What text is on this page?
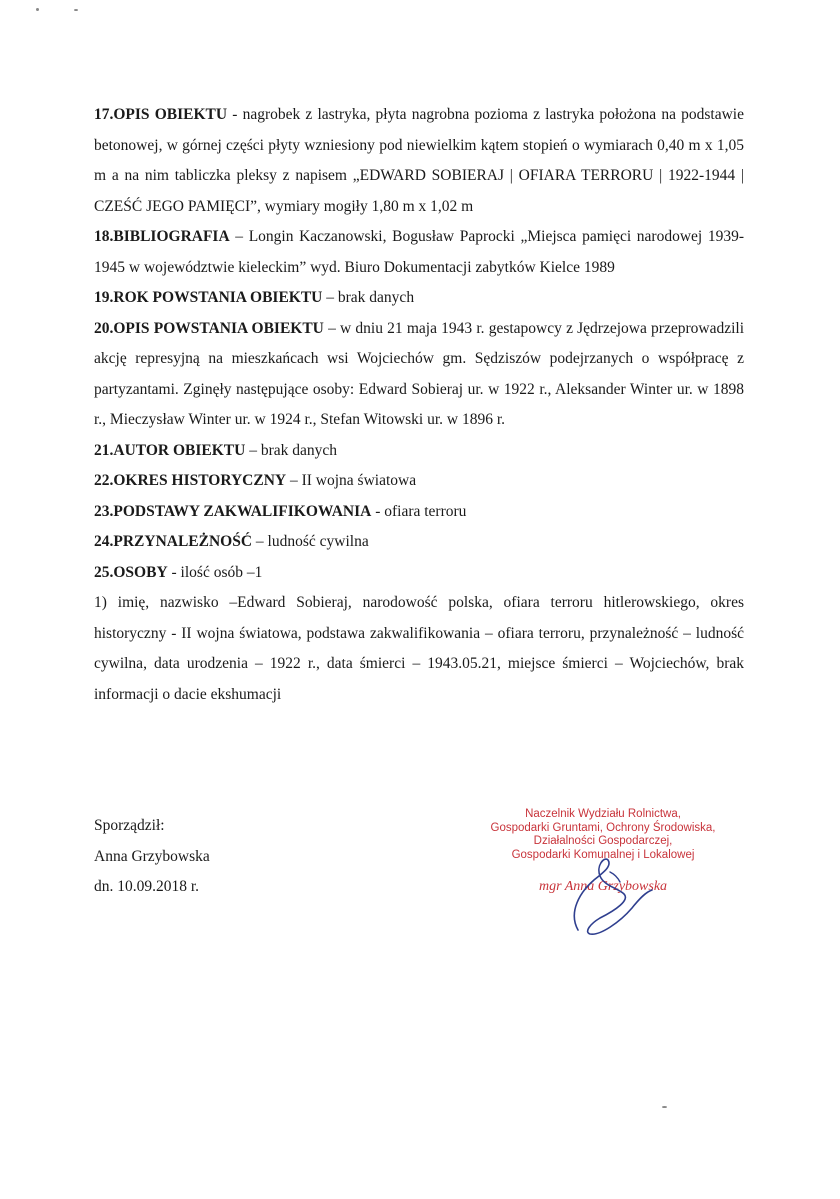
17.OPIS OBIEKTU - nagrobek z lastryka, płyta nagrobna pozioma z lastryka położona na podstawie betonowej, w górnej części płyty wzniesiony pod niewielkim kątem stopień o wymiarach 0,40 m x 1,05 m a na nim tabliczka pleksy z napisem „EDWARD SOBIERAJ | OFIARA TERRORU | 1922-1944 | CZEŚĆ JEGO PAMIĘCI”, wymiary mogiły 1,80 m x 1,02 m

18.BIBLIOGRAFIA – Longin Kaczanowski, Bogusław Paprocki „Miejsca pamięci narodowej 1939-1945 w województwie kieleckim” wyd. Biuro Dokumentacji zabytków Kielce 1989

19.ROK POWSTANIA OBIEKTU – brak danych

20.OPIS POWSTANIA OBIEKTU – w dniu 21 maja 1943 r. gestapowcy z Jędrzejowa przeprowadzili akcję represyjną na mieszkańcach wsi Wojciechów gm. Sędziszów podejrzanych o współpracę z partyzantami. Zginęły następujące osoby: Edward Sobieraj ur. w 1922 r., Aleksander Winter ur. w 1898 r., Mieczysław Winter ur. w 1924 r., Stefan Witowski ur. w 1896 r.

21.AUTOR OBIEKTU – brak danych

22.OKRES HISTORYCZNY – II wojna światowa

23.PODSTAWY ZAKWALIFIKOWANIA - ofiara terroru

24.PRZYNALEŻNOŚĆ – ludność cywilna

25.OSOBY - ilość osób –1

1) imię, nazwisko –Edward Sobieraj, narodowość polska, ofiara terroru hitlerowskiego, okres historyczny - II wojna światowa, podstawa zakwalifikowania – ofiara terroru, przynależność – ludność cywilna, data urodzenia – 1922 r., data śmierci – 1943.05.21, miejsce śmierci – Wojciechów, brak informacji o dacie ekshumacji

Sporządził:
Anna Grzybowska
dn. 10.09.2018 r.
Naczelnik Wydziału Rolnictwa,
Gospodarki Gruntami, Ochrony Środowiska,
Działalności Gospodarczej,
Gospodarki Komunalnej i Lokalowej
mgr Anna Grzybowska
